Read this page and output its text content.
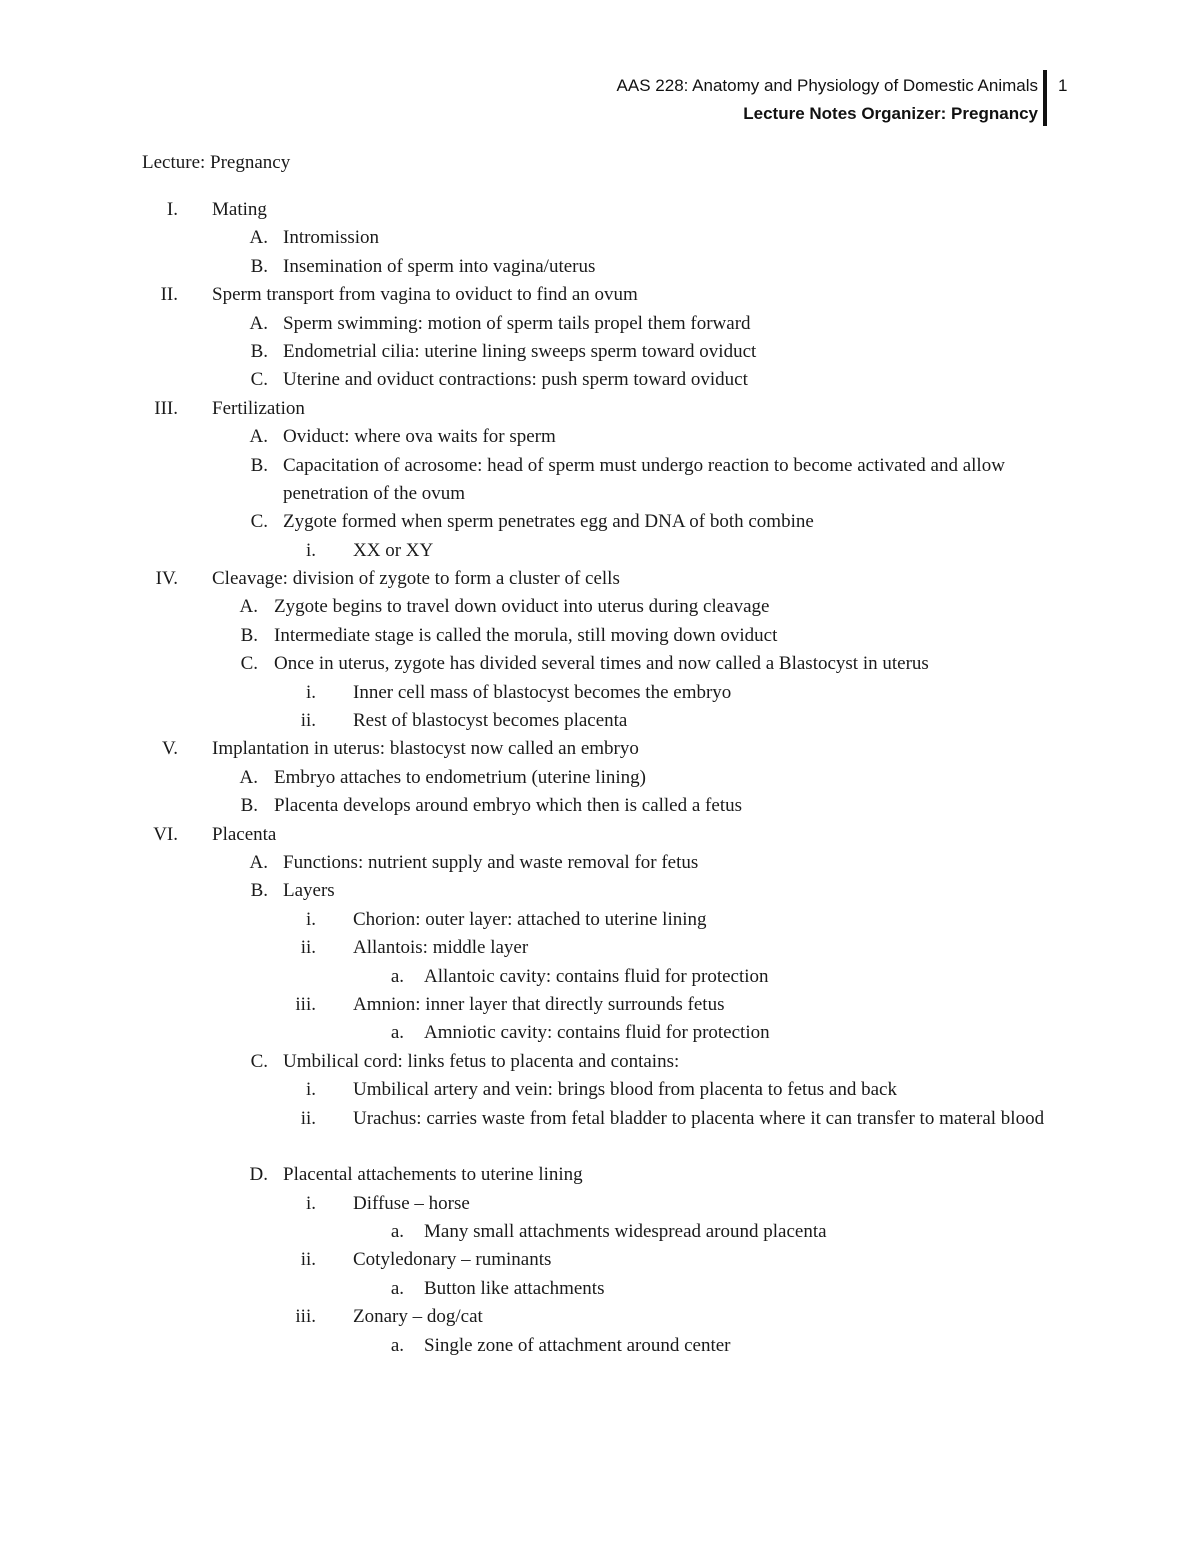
AAS 228: Anatomy and Physiology of Domestic Animals
Lecture Notes Organizer: Pregnancy
1
Lecture: Pregnancy
I. Mating
A. Intromission
B. Insemination of sperm into vagina/uterus
II. Sperm transport from vagina to oviduct to find an ovum
A. Sperm swimming: motion of sperm tails propel them forward
B. Endometrial cilia: uterine lining sweeps sperm toward oviduct
C. Uterine and oviduct contractions: push sperm toward oviduct
III. Fertilization
A. Oviduct: where ova waits for sperm
B. Capacitation of acrosome: head of sperm must undergo reaction to become activated and allow penetration of the ovum
C. Zygote formed when sperm penetrates egg and DNA of both combine
i. XX or XY
IV. Cleavage: division of zygote to form a cluster of cells
A. Zygote begins to travel down oviduct into uterus during cleavage
B. Intermediate stage is called the morula, still moving down oviduct
C. Once in uterus, zygote has divided several times and now called a Blastocyst in uterus
i. Inner cell mass of blastocyst becomes the embryo
ii. Rest of blastocyst becomes placenta
V. Implantation in uterus: blastocyst now called an embryo
A. Embryo attaches to endometrium (uterine lining)
B. Placenta develops around embryo which then is called a fetus
VI. Placenta
A. Functions: nutrient supply and waste removal for fetus
B. Layers
i. Chorion: outer layer: attached to uterine lining
ii. Allantois: middle layer
a. Allantoic cavity: contains fluid for protection
iii. Amnion: inner layer that directly surrounds fetus
a. Amniotic cavity: contains fluid for protection
C. Umbilical cord: links fetus to placenta and contains:
i. Umbilical artery and vein: brings blood from placenta to fetus and back
ii. Urachus: carries waste from fetal bladder to placenta where it can transfer to materal blood
D. Placental attachements to uterine lining
i. Diffuse – horse
a. Many small attachments widespread around placenta
ii. Cotyledonary – ruminants
a. Button like attachments
iii. Zonary – dog/cat
a. Single zone of attachment around center
